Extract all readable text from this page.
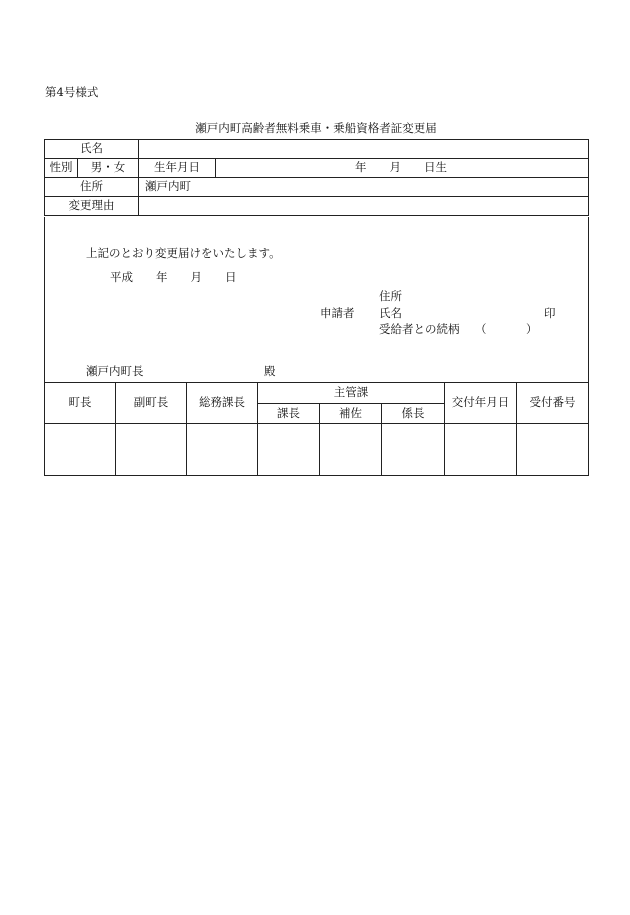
第4号様式
瀬戸内町高齢者無料乗車・乗船資格者証変更届
氏名			
性別	男・女	生年月日	年　　月　　日生
住所		瀬戸内町	
変更理由			
上記のとおり変更届けをいたします。
平成 年　　月　　日
住所
申請者 氏名	印
受給者との続柄 （	）
瀬戸内町長	殿
町長	副町長	総務課長	主管課			交付年月日	受付番号
			課長	補佐	係長		
